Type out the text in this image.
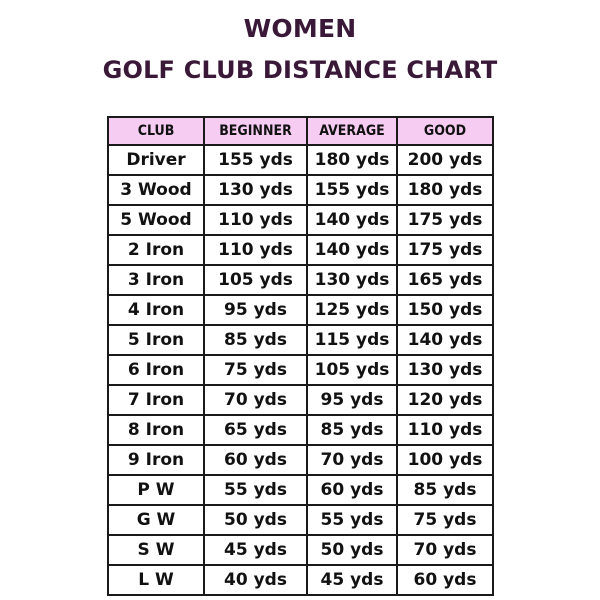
WOMEN
GOLF CLUB DISTANCE CHART
CLUB	BEGINNER	AVERAGE	GOOD
Driver	155 yds	180 yds	200 yds
3 Wood	130 yds	155 yds	180 yds
5 Wood	110 yds	140 yds	175 yds
2 Iron	110 yds	140 yds	175 yds
3 Iron	105 yds	130 yds	165 yds
4 Iron	95 yds	125 yds	150 yds
5 Iron	85 yds	115 yds	140 yds
6 Iron	75 yds	105 yds	130 yds
7 Iron	70 yds	95 yds	120 yds
8 Iron	65 yds	85 yds	110 yds
9 Iron	60 yds	70 yds	100 yds
P W	55 yds	60 yds	85 yds
G W	50 yds	55 yds	75 yds
S W	45 yds	50 yds	70 yds
L W	40 yds	45 yds	60 yds
